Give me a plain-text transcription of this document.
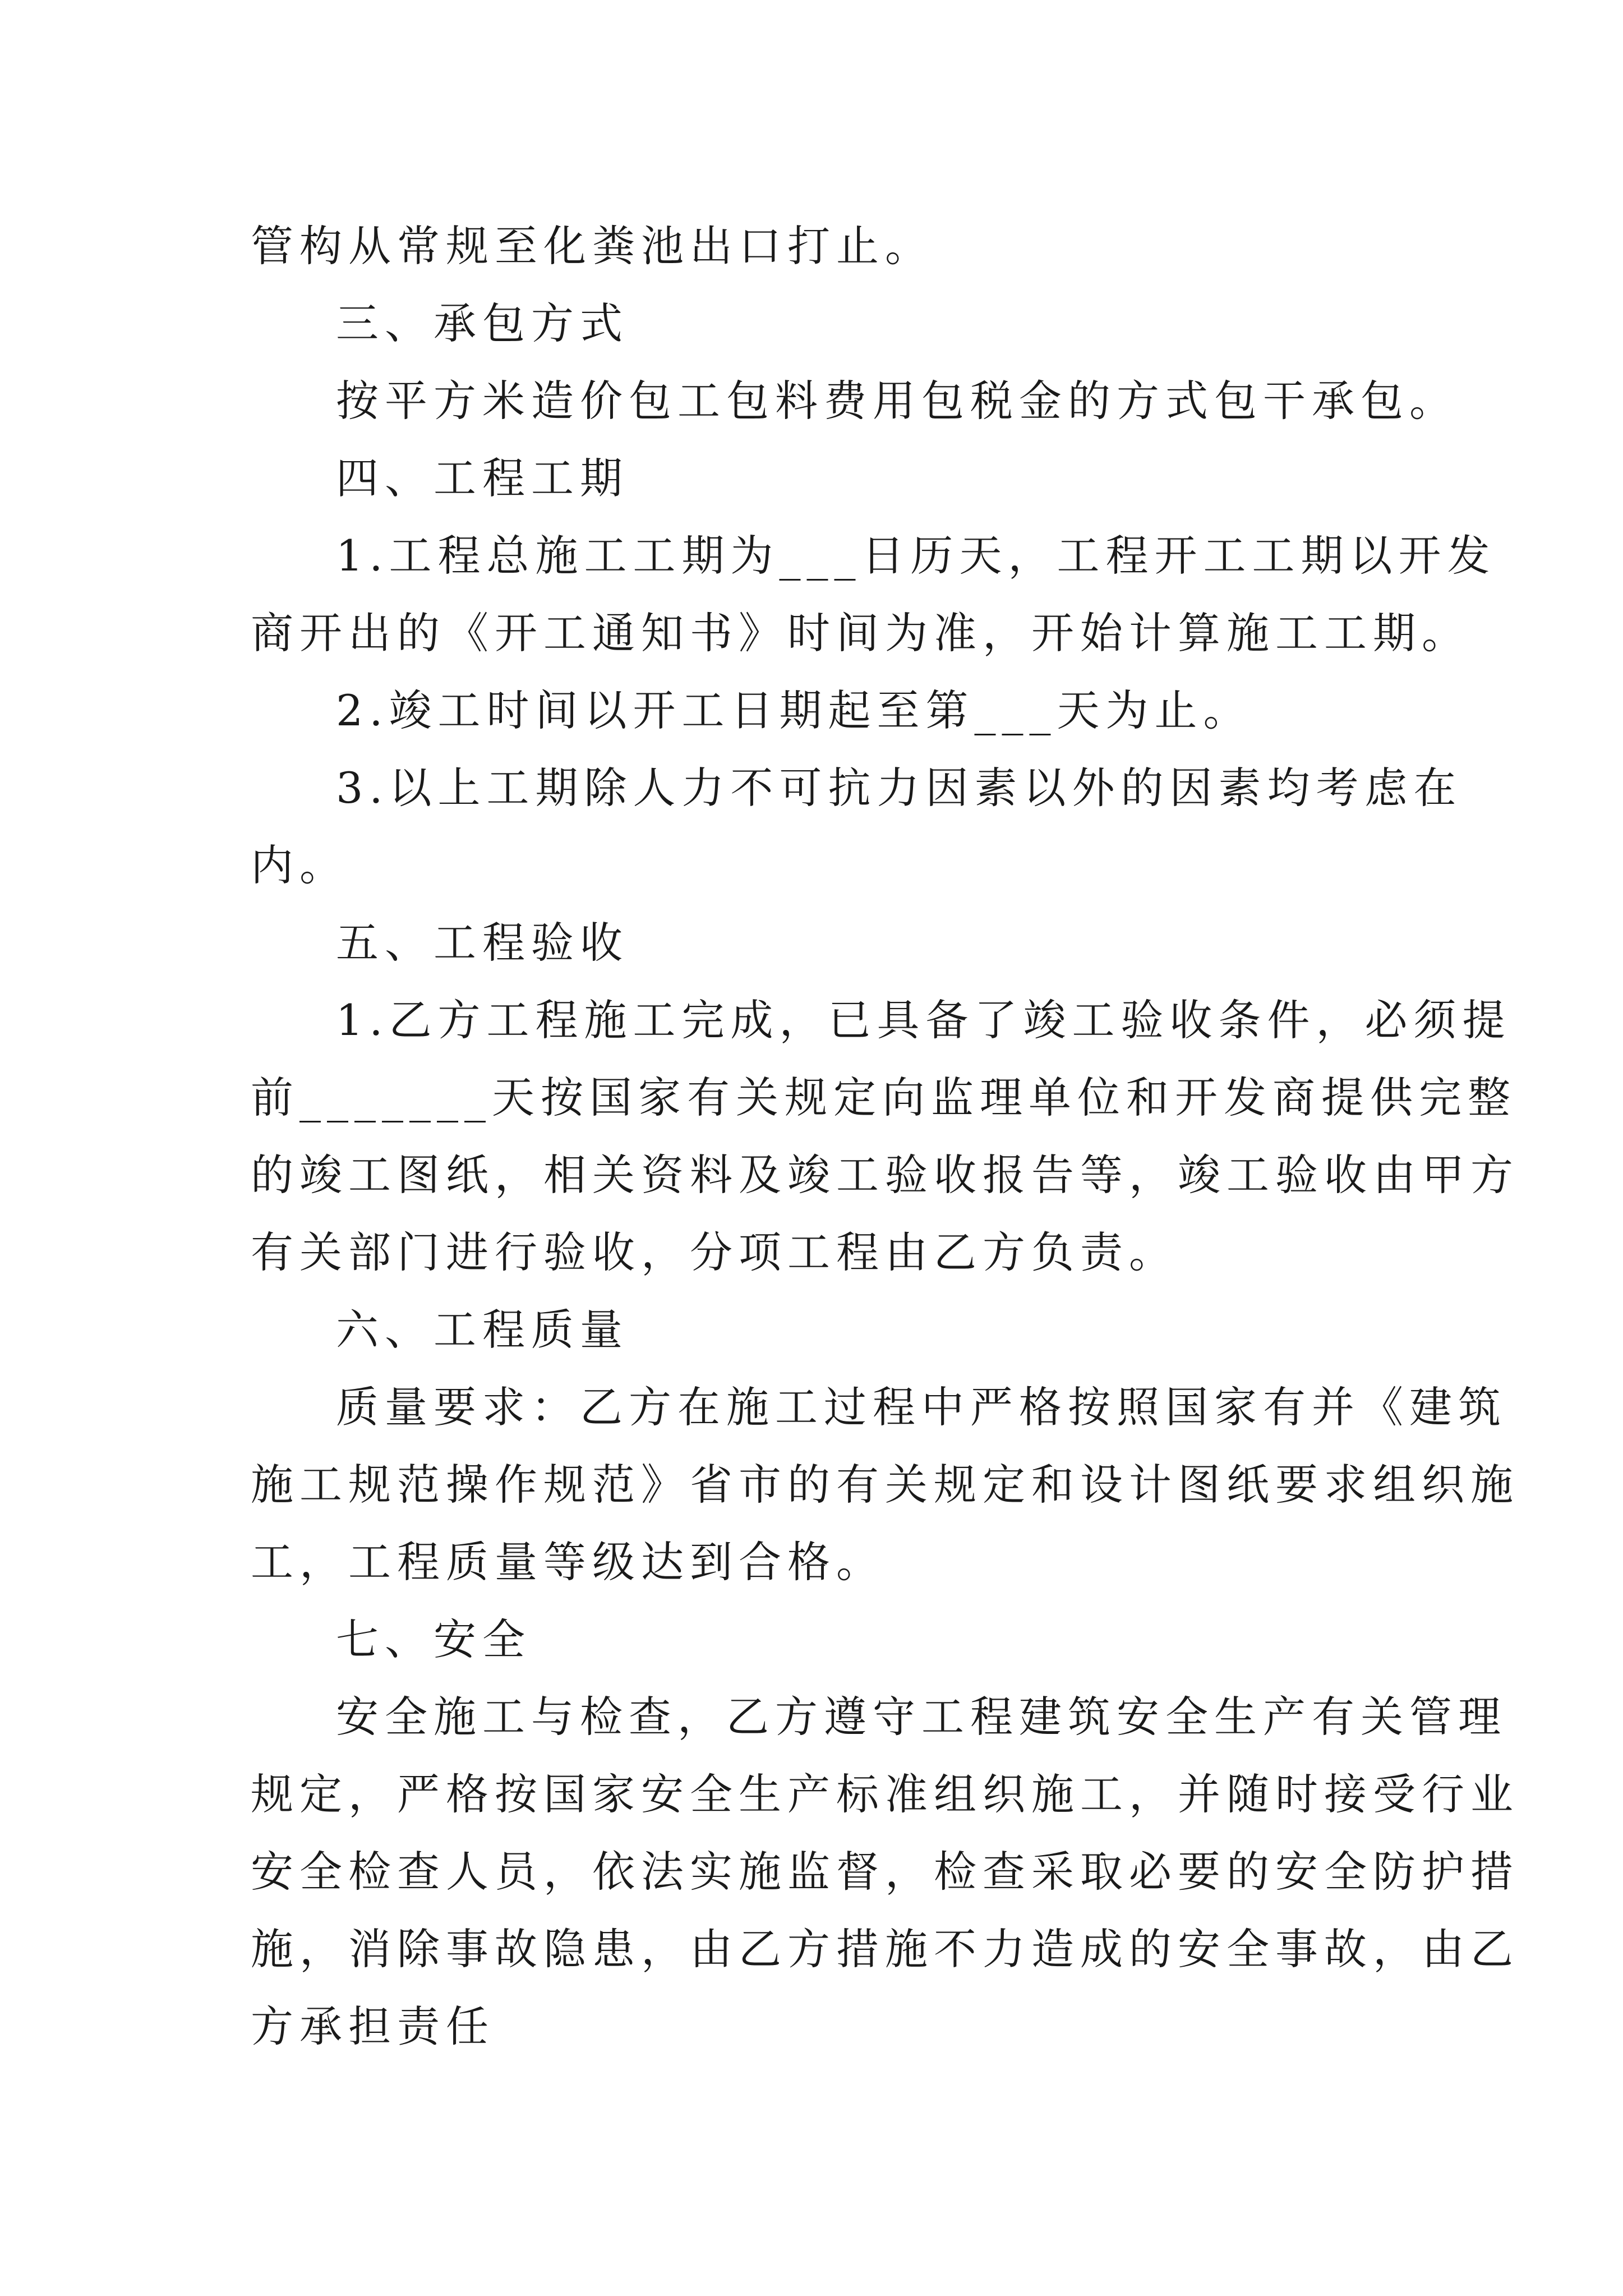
管构从常规至化粪池出口打止。
三、承包方式
按平方米造价包工包料费用包税金的方式包干承包。
四、工程工期
1.工程总施工工期为___日历天，工程开工工期以开发
商开出的《开工通知书》时间为准，开始计算施工工期。
2.竣工时间以开工日期起至第___天为止。
3.以上工期除人力不可抗力因素以外的因素均考虑在
内。
五、工程验收
1.乙方工程施工完成，已具备了竣工验收条件，必须提
前_______天按国家有关规定向监理单位和开发商提供完整
的竣工图纸，相关资料及竣工验收报告等，竣工验收由甲方
有关部门进行验收，分项工程由乙方负责。
六、工程质量
质量要求：乙方在施工过程中严格按照国家有并《建筑
施工规范操作规范》省市的有关规定和设计图纸要求组织施
工，工程质量等级达到合格。
七、安全
安全施工与检查，乙方遵守工程建筑安全生产有关管理
规定，严格按国家安全生产标准组织施工，并随时接受行业
安全检查人员，依法实施监督，检查采取必要的安全防护措
施，消除事故隐患，由乙方措施不力造成的安全事故，由乙
方承担责任
